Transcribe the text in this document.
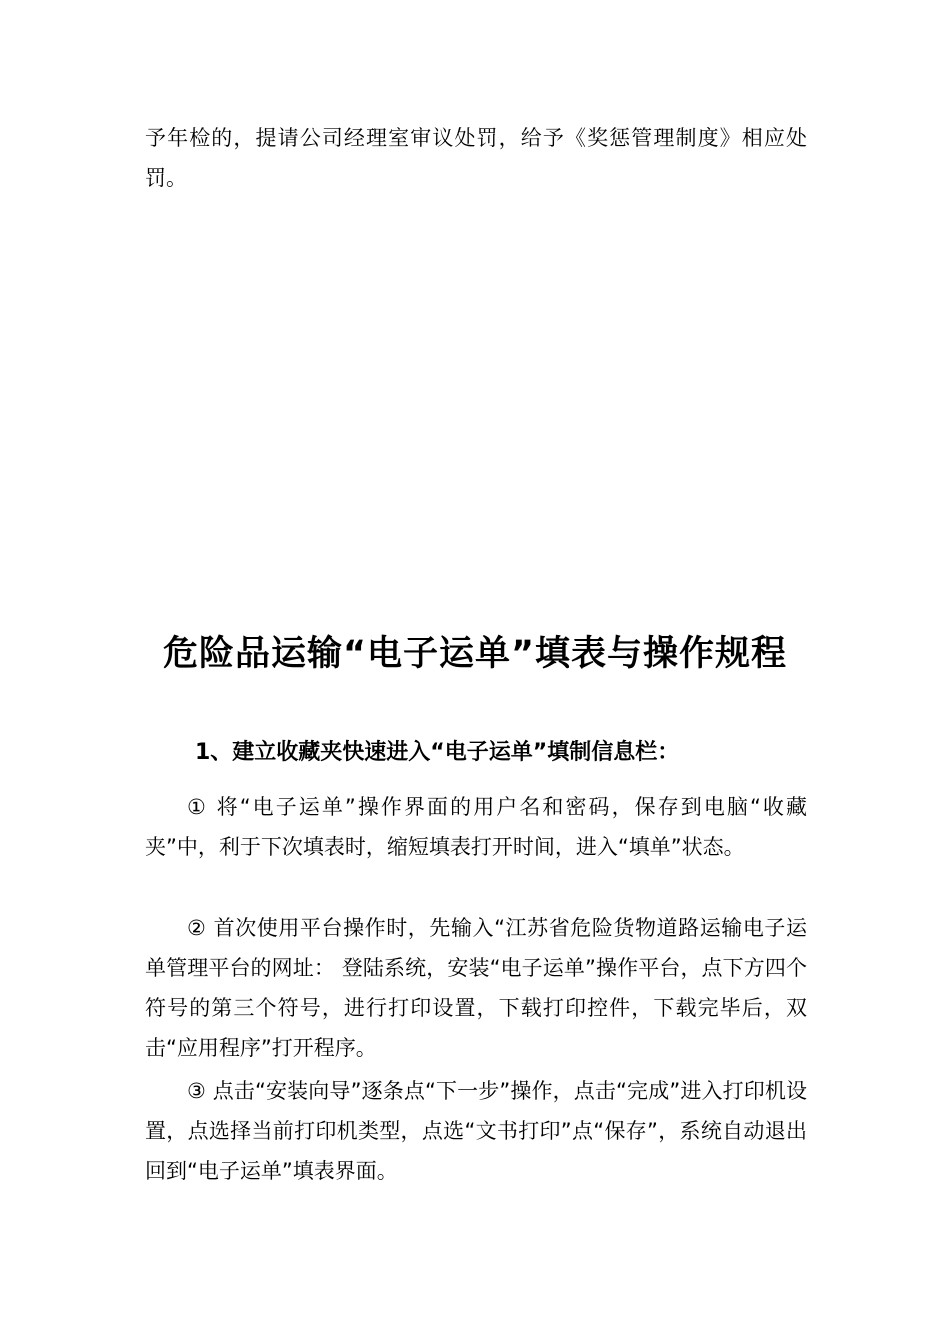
予年检的，提请公司经理室审议处罚，给予《奖惩管理制度》相应处罚。

危险品运输“电子运单”填表与操作规程
1、建立收藏夹快速进入“电子运单”填制信息栏：

① 将“电子运单”操作界面的用户名和密码，保存到电脑“收藏夹”中，利于下次填表时，缩短填表打开时间，进入“填单”状态。

② 首次使用平台操作时，先输入“江苏省危险货物道路运输电子运单管理平台的网址： 登陆系统，安装“电子运单”操作平台，点下方四个符号的第三个符号，进行打印设置，下载打印控件，下载完毕后，双击“应用程序”打开程序。

③ 点击“安装向导”逐条点“下一步”操作，点击“完成”进入打印机设置，点选择当前打印机类型，点选“文书打印”点“保存”，系统自动退出回到“电子运单”填表界面。
